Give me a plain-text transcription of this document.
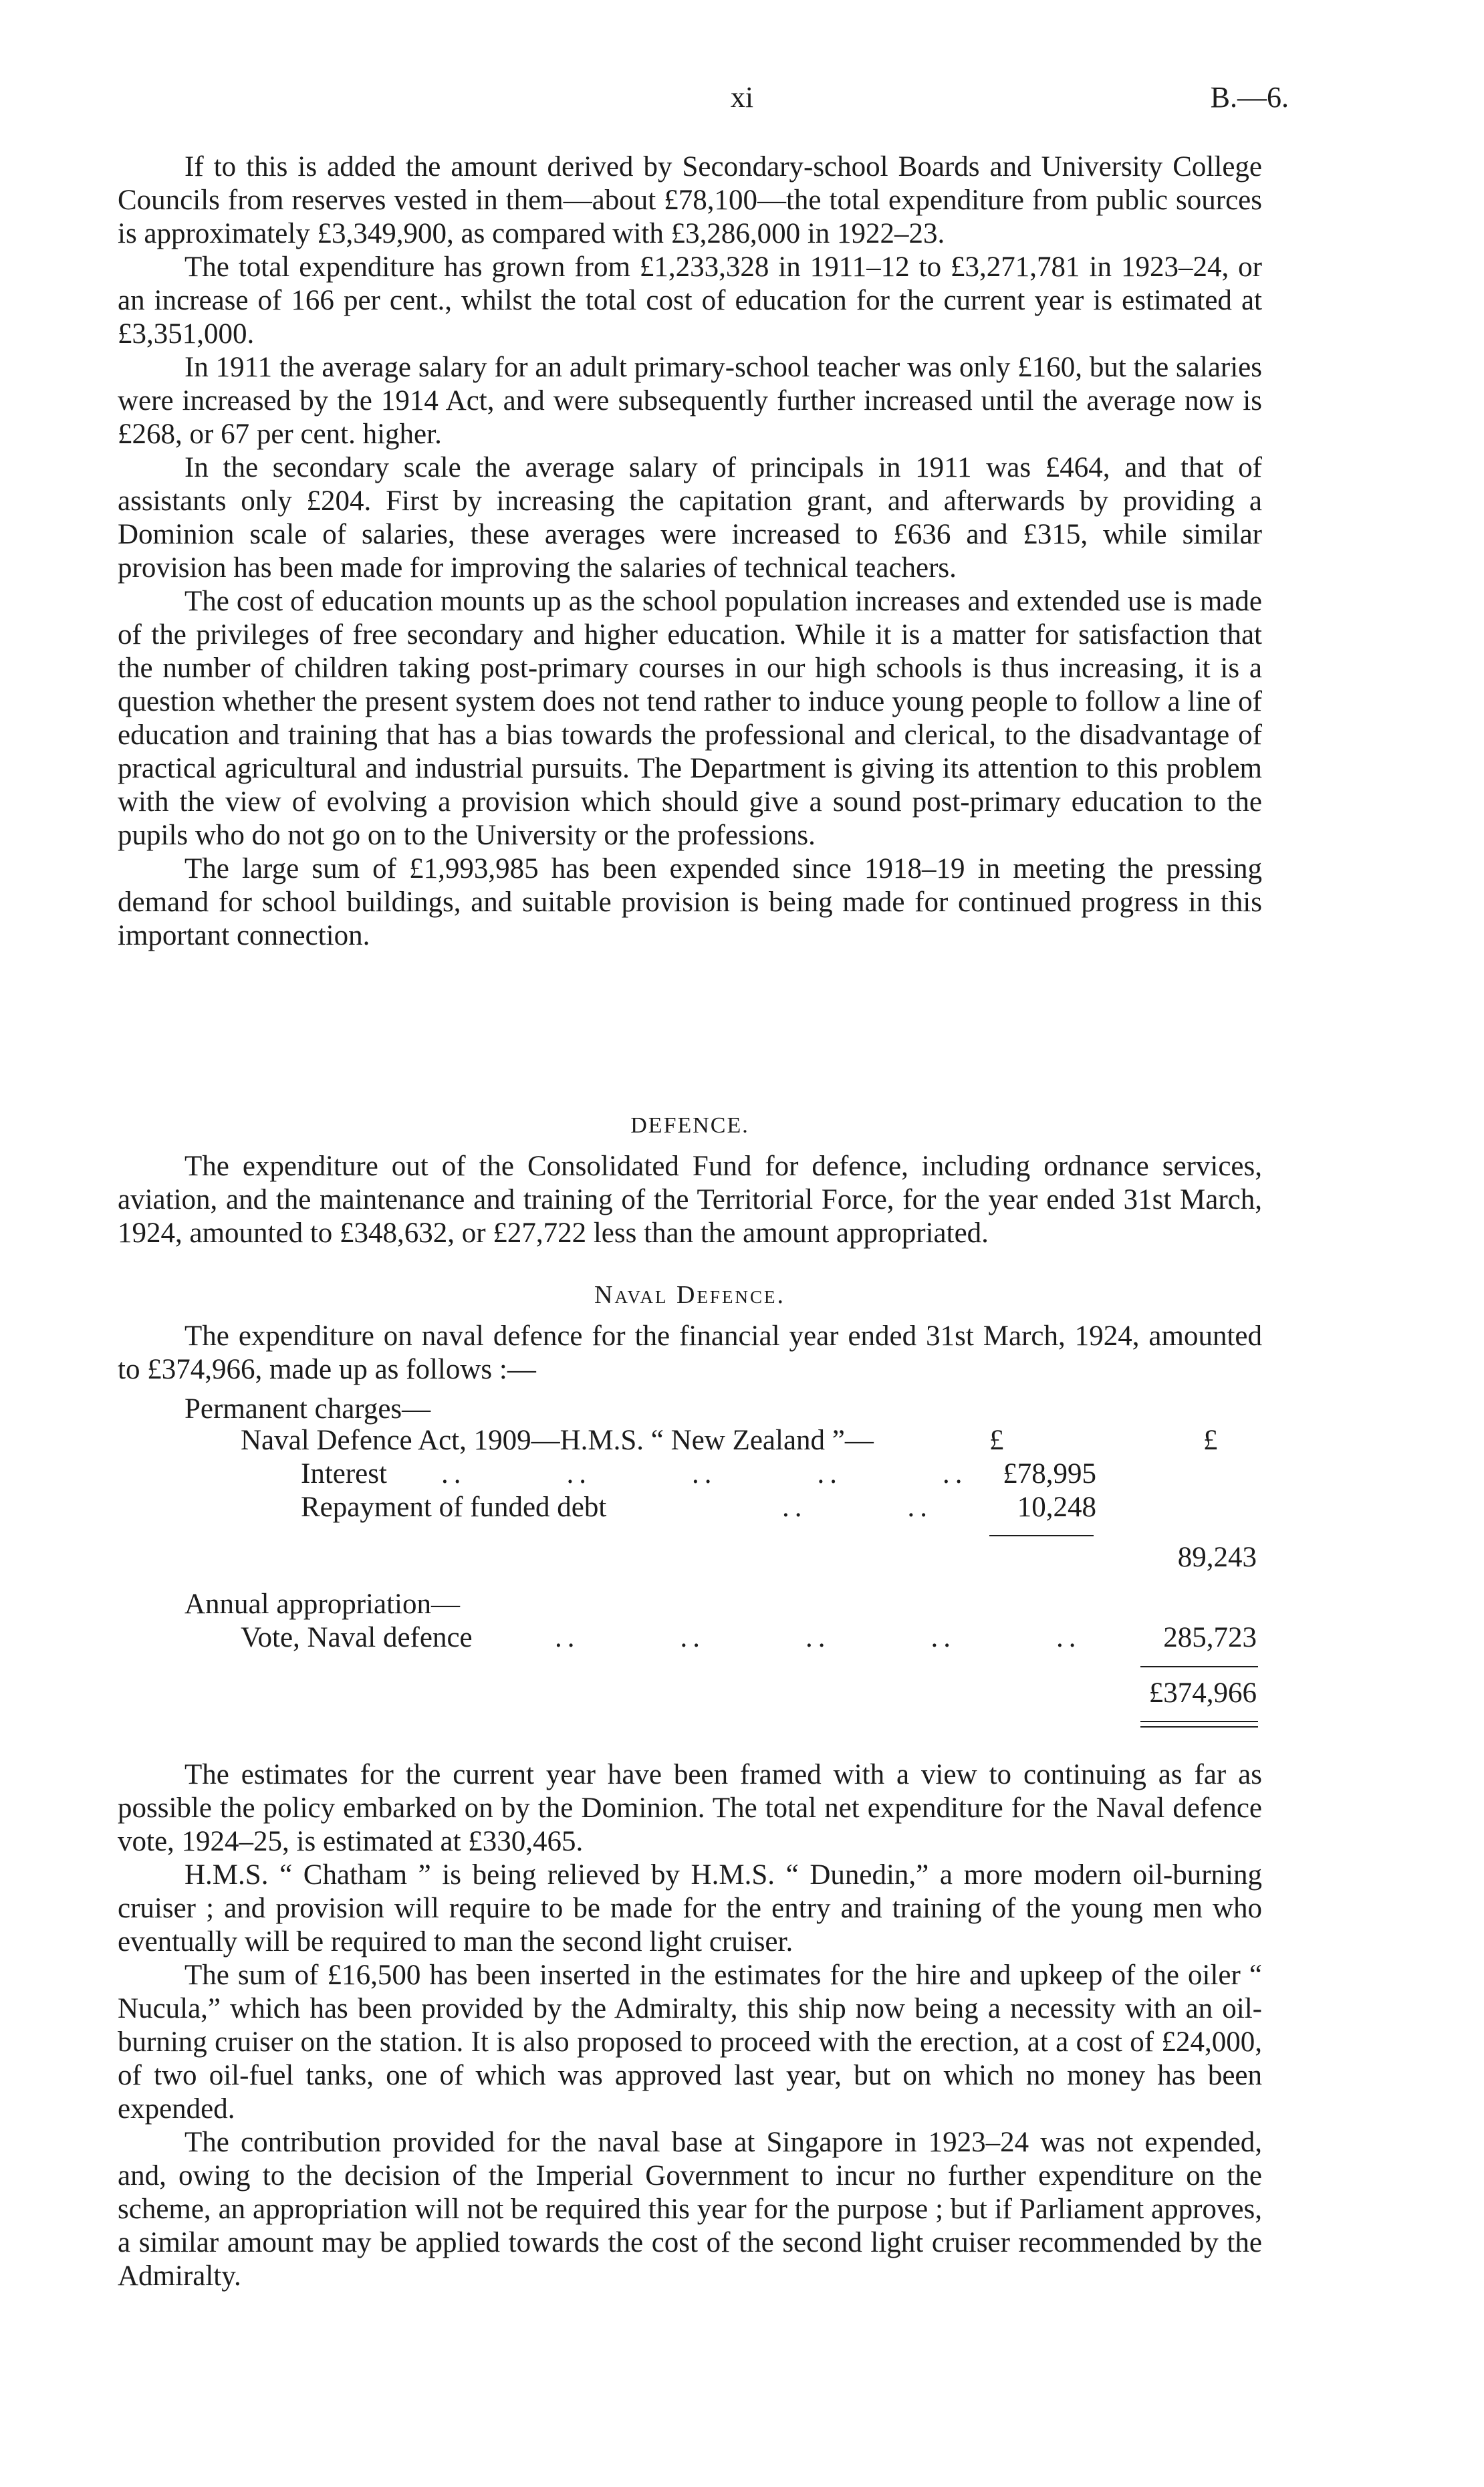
xi	B.—6.

If to this is added the amount derived by Secondary-school Boards and University College Councils from reserves vested in them—about £78,100—the total expenditure from public sources is approximately £3,349,900, as compared with £3,286,000 in 1922–23.

The total expenditure has grown from £1,233,328 in 1911–12 to £3,271,781 in 1923–24, or an increase of 166 per cent., whilst the total cost of education for the current year is estimated at £3,351,000.

In 1911 the average salary for an adult primary-school teacher was only £160, but the salaries were increased by the 1914 Act, and were subsequently further increased until the average now is £268, or 67 per cent. higher.

In the secondary scale the average salary of principals in 1911 was £464, and that of assistants only £204. First by increasing the capitation grant, and afterwards by providing a Dominion scale of salaries, these averages were increased to £636 and £315, while similar provision has been made for improving the salaries of technical teachers.

The cost of education mounts up as the school population increases and extended use is made of the privileges of free secondary and higher education. While it is a matter for satisfaction that the number of children taking post-primary courses in our high schools is thus increasing, it is a question whether the present system does not tend rather to induce young people to follow a line of education and training that has a bias towards the professional and clerical, to the disadvantage of practical agricultural and industrial pursuits. The Department is giving its attention to this problem with the view of evolving a provision which should give a sound post-primary education to the pupils who do not go on to the University or the professions.

The large sum of £1,993,985 has been expended since 1918–19 in meeting the pressing demand for school buildings, and suitable provision is being made for continued progress in this important connection.

DEFENCE.

The expenditure out of the Consolidated Fund for defence, including ordnance services, aviation, and the maintenance and training of the Territorial Force, for the year ended 31st March, 1924, amounted to £348,632, or £27,722 less than the amount appropriated.

Naval Defence.

The expenditure on naval defence for the financial year ended 31st March, 1924, amounted to £374,966, made up as follows :—

Permanent charges—
Naval Defence Act, 1909—H.M.S. “ New Zealand ”—	£	£
Interest ..        ..        ..        ..        ..	£78,995
Repayment of funded debt	..        ..	10,248
89,243
Annual appropriation—
Vote, Naval defence	..        ..        ..        ..        ..	285,723
£374,966

The estimates for the current year have been framed with a view to continuing as far as possible the policy embarked on by the Dominion. The total net expenditure for the Naval defence vote, 1924–25, is estimated at £330,465.

H.M.S. “ Chatham ” is being relieved by H.M.S. “ Dunedin,” a more modern oil-burning cruiser ; and provision will require to be made for the entry and training of the young men who eventually will be required to man the second light cruiser.

The sum of £16,500 has been inserted in the estimates for the hire and upkeep of the oiler “ Nucula,” which has been provided by the Admiralty, this ship now being a necessity with an oil-burning cruiser on the station. It is also proposed to proceed with the erection, at a cost of £24,000, of two oil-fuel tanks, one of which was approved last year, but on which no money has been expended.

The contribution provided for the naval base at Singapore in 1923–24 was not expended, and, owing to the decision of the Imperial Government to incur no further expenditure on the scheme, an appropriation will not be required this year for the purpose ; but if Parliament approves, a similar amount may be applied towards the cost of the second light cruiser recommended by the Admiralty.
